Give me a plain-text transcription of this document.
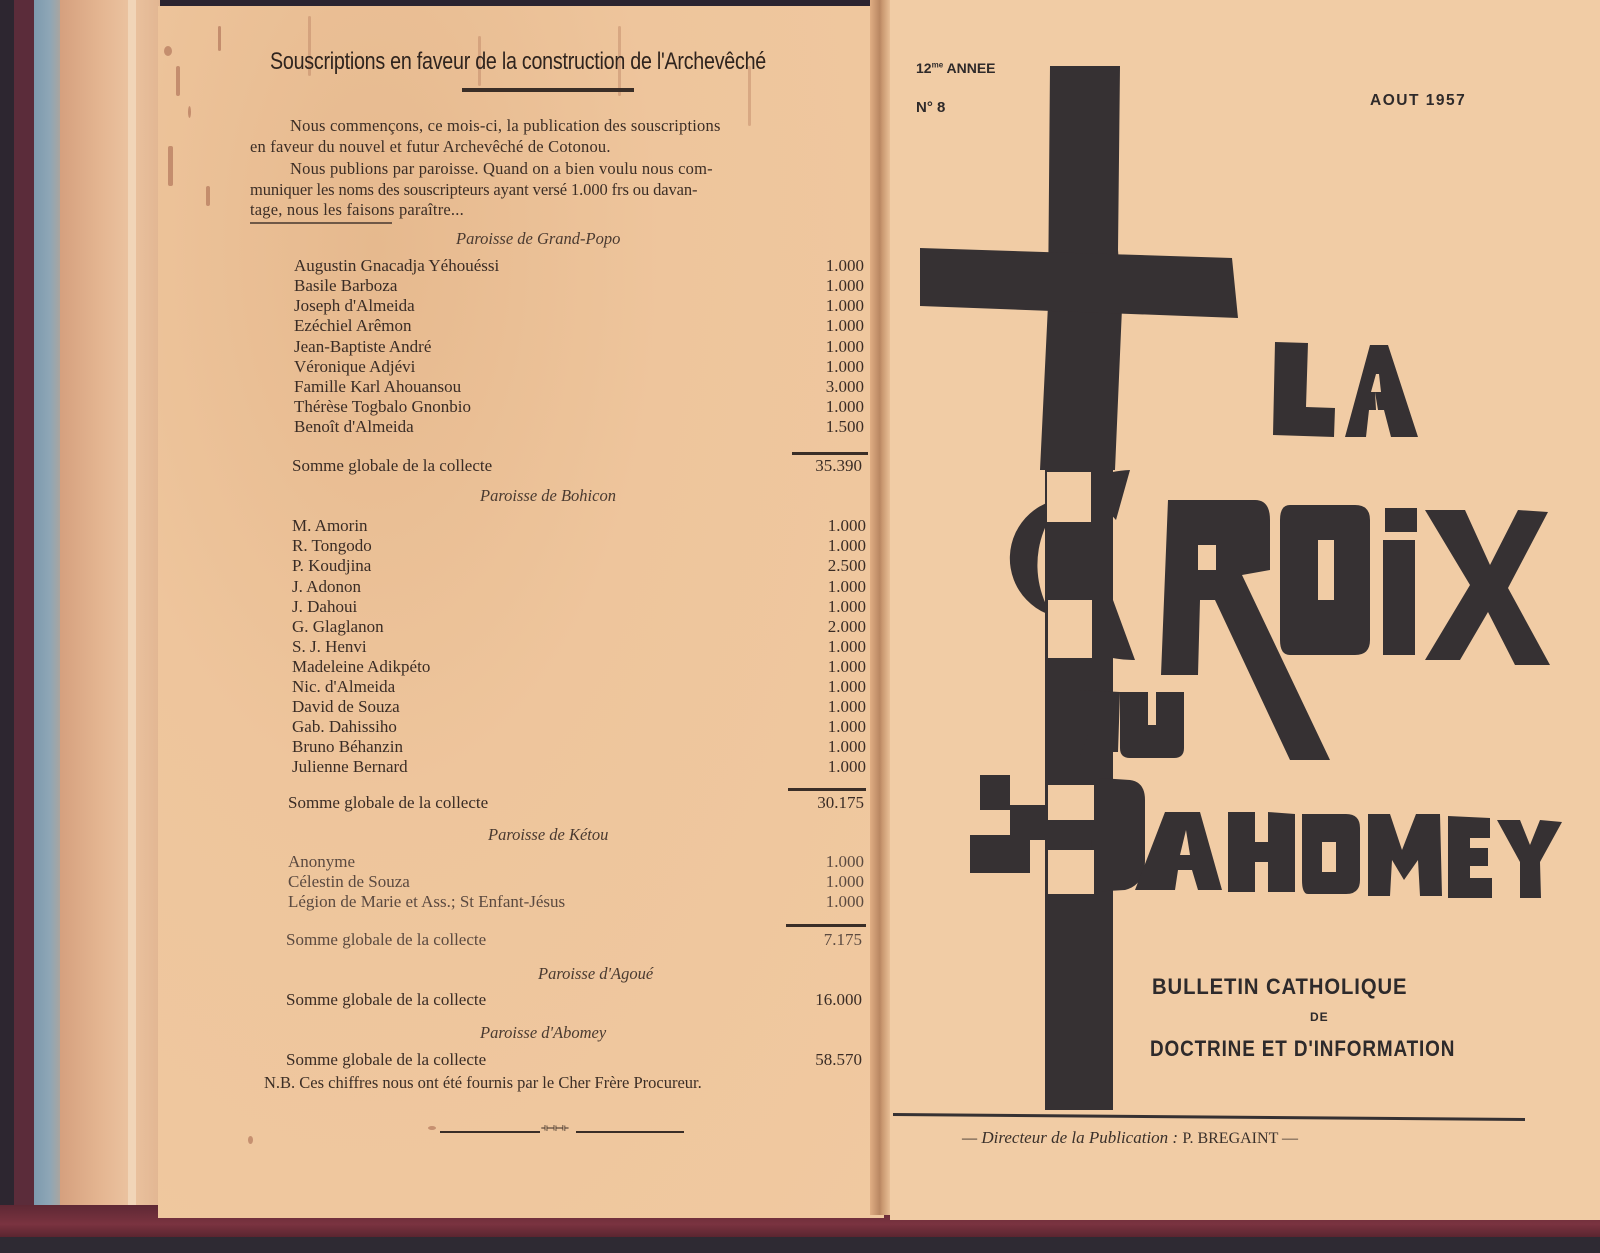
Souscriptions en faveur de la construction de l'Archevêché
Nous commençons, ce mois-ci, la publication des souscriptions
en faveur du nouvel et futur Archevêché de Cotonou.
Nous publions par paroisse. Quand on a bien voulu nous com-
muniquer les noms des souscripteurs ayant versé 1.000 frs ou davan-
tage, nous les faisons paraître...
Paroisse de Grand-Popo
Augustin Gnacadja Yéhouéssi	1.000
Basile Barboza	1.000
Joseph d'Almeida	1.000
Ezéchiel Arêmon	1.000
Jean-Baptiste André	1.000
Véronique Adjévi	1.000
Famille Karl Ahouansou	3.000
Thérèse Togbalo Gnonbio	1.000
Benoît d'Almeida	1.500
Somme globale de la collecte	35.390
Paroisse de Bohicon
M. Amorin	1.000
R. Tongodo	1.000
P. Koudjina	2.500
J. Adonon	1.000
J. Dahoui	1.000
G. Glaglanon	2.000
S. J. Henvi	1.000
Madeleine Adikpéto	1.000
Nic. d'Almeida	1.000
David de Souza	1.000
Gab. Dahissiho	1.000
Bruno Béhanzin	1.000
Julienne Bernard	1.000
Somme globale de la collecte	30.175
Paroisse de Kétou
Anonyme	1.000
Célestin de Souza	1.000
Légion de Marie et Ass.; St Enfant-Jésus	1.000
Somme globale de la collecte	7.175
Paroisse d'Agoué
Somme globale de la collecte	16.000
Paroisse d'Abomey
Somme globale de la collecte	58.570
N.B. Ces chiffres nous ont été fournis par le Cher Frère Procureur.
⟛⟛⟛
$12^{me}$ ANNEE
N° 8	AOUT 1957
BULLETIN CATHOLIQUE
DE
DOCTRINE ET D'INFORMATION
— Directeur de la Publication : P. BREGAINT —
